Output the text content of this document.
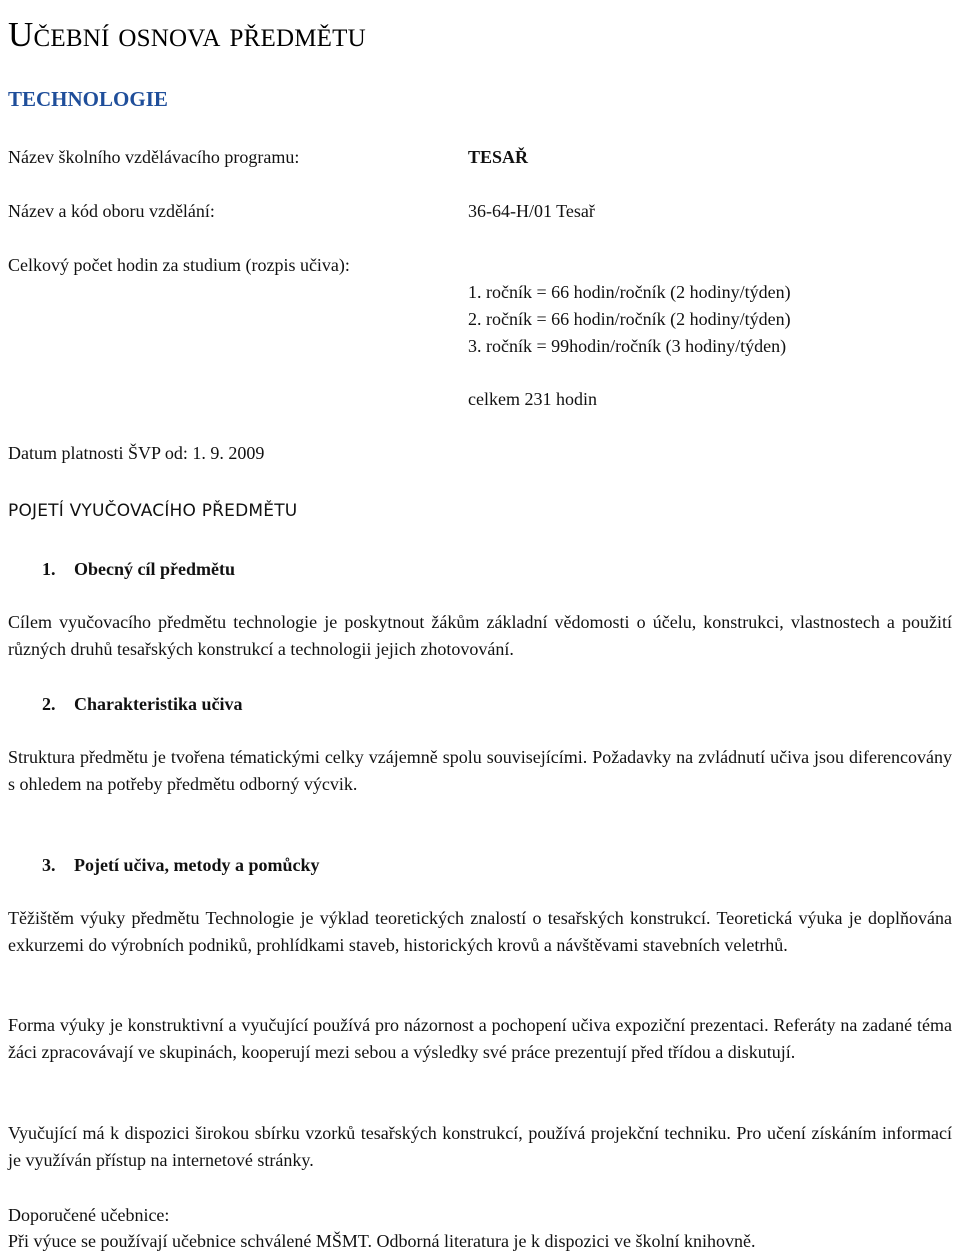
Učební osnova předmětu
TECHNOLOGIE
Název školního vzdělávacího programu:	TESAŘ
Název a kód oboru vzdělání:	36-64-H/01 Tesař
Celkový počet hodin za studium (rozpis učiva):
1. ročník = 66 hodin/ročník (2 hodiny/týden)
2. ročník = 66 hodin/ročník (2 hodiny/týden)
3. ročník = 99hodin/ročník (3 hodiny/týden)
celkem 231 hodin
Datum platnosti ŠVP od: 1. 9. 2009
POJETÍ VYUČOVACÍHO PŘEDMĚTU
1. Obecný cíl předmětu
Cílem vyučovacího předmětu technologie je poskytnout žákům základní vědomosti o účelu, konstrukci, vlastnostech a použití různých druhů tesařských konstrukcí a technologii jejich zhotovování.
2. Charakteristika učiva
Struktura předmětu je tvořena tématickými celky vzájemně spolu souvisejícími. Požadavky na zvládnutí učiva jsou diferencovány s ohledem na potřeby předmětu odborný výcvik.
3. Pojetí učiva, metody a pomůcky
Těžištěm výuky předmětu Technologie je výklad teoretických znalostí o tesařských konstrukcí. Teoretická výuka je doplňována exkurzemi do výrobních podniků, prohlídkami staveb, historických krovů a návštěvami stavebních veletrhů.
Forma výuky je konstruktivní a vyučující používá pro názornost a pochopení učiva expoziční prezentaci. Referáty na zadané téma žáci zpracovávají ve skupinách, kooperují mezi sebou a výsledky své práce prezentují před třídou a diskutují.
Vyučující má k dispozici širokou sbírku vzorků tesařských konstrukcí, používá projekční techniku. Pro učení získáním informací je využíván přístup na internetové stránky.
Doporučené učebnice:
Při výuce se používají učebnice schválené MŠMT. Odborná literatura je k dispozici ve školní knihovně.
